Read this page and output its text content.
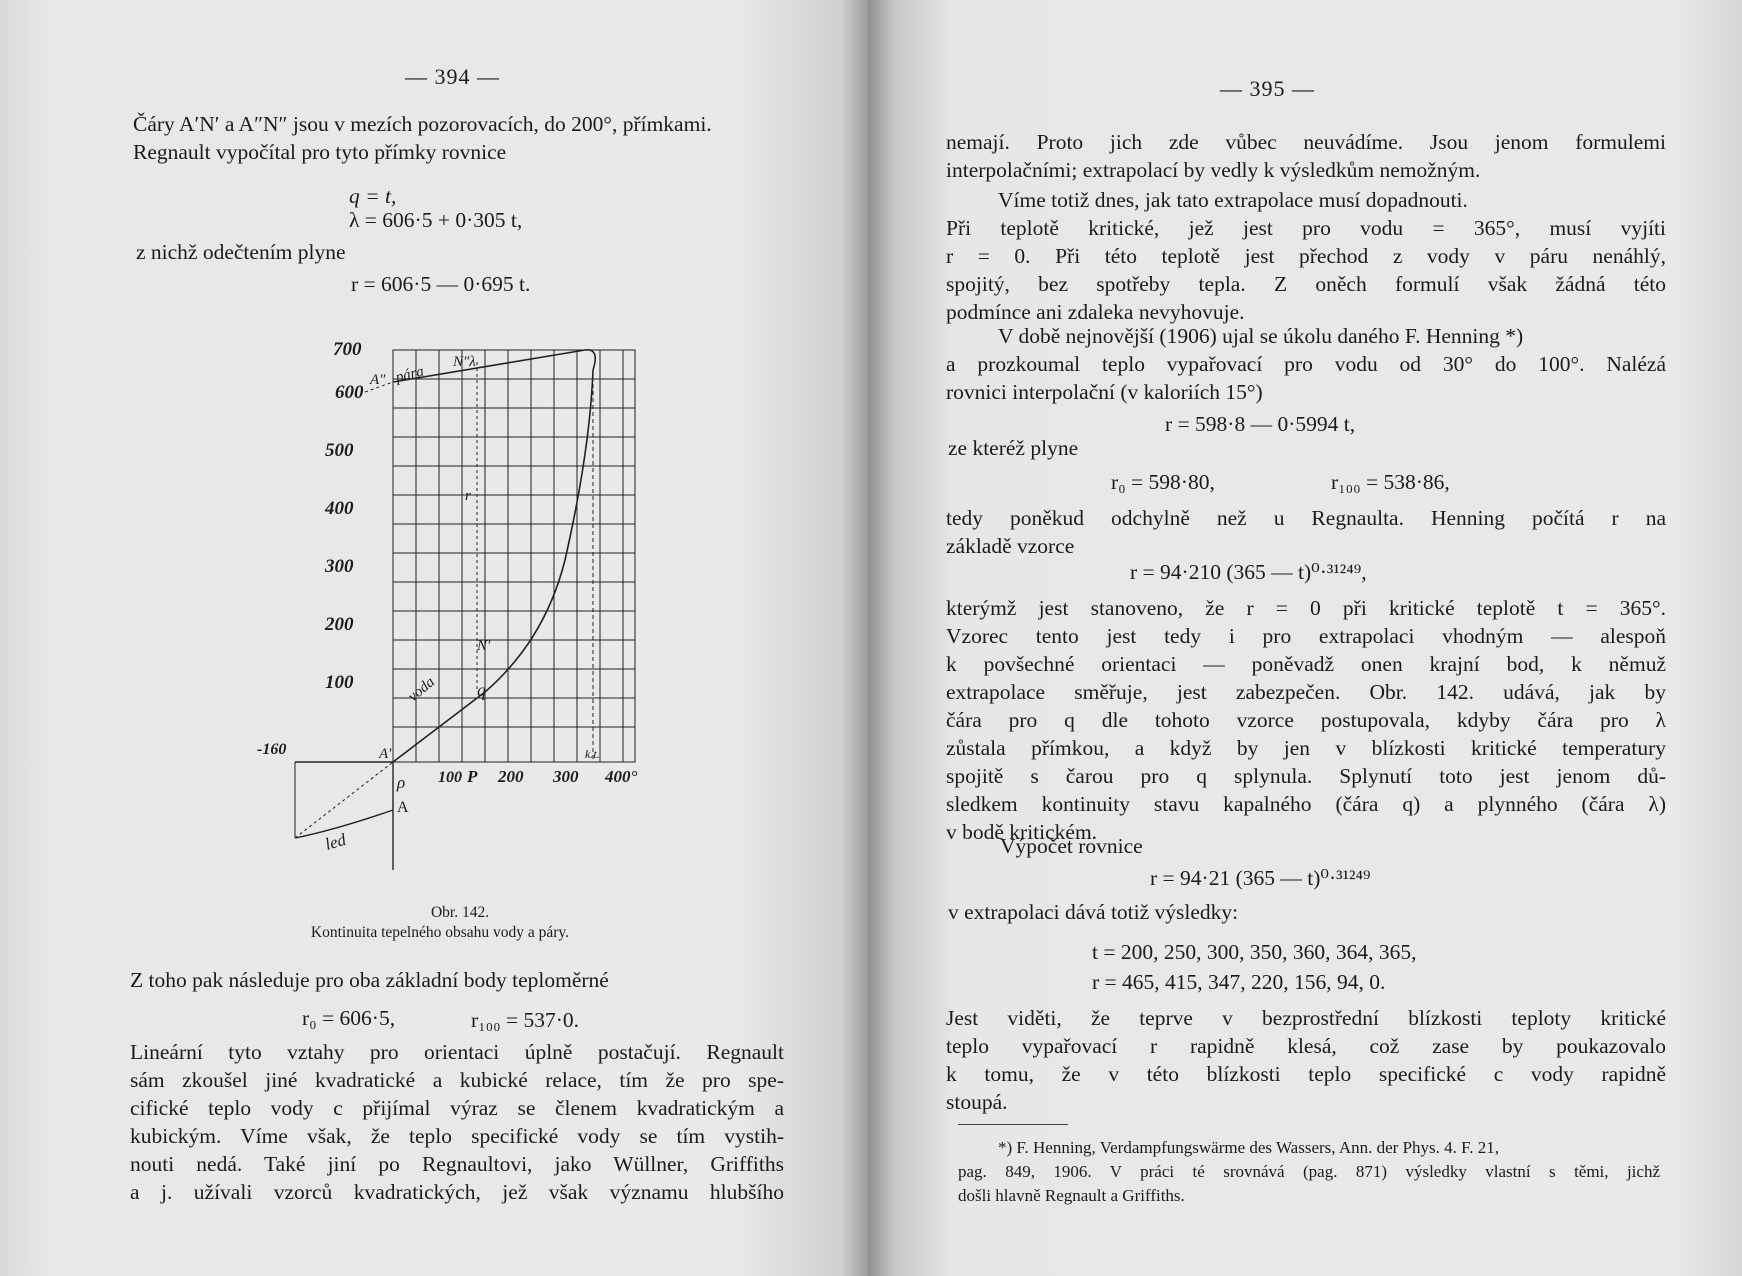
— 394 —
Čáry A′N′ a A″N″ jsou v mezích pozorovacích, do 200°, přímkami.
Regnault vypočítal pro tyto přímky rovnice
q = t,
λ = 606·5 + 0·305 t,
z nichž odečtením plyne
r = 606·5 — 0·695 t.
700
600
500
400
300
200
100
-160
100 P 200 300 400°
pára
N″λ
A″
r
N′
q
voda
A′	k.t.
ρ
A
led
Obr. 142.
Kontinuita tepelného obsahu vody a páry.
Z toho pak následuje pro oba základní body teploměrné
r₀ = 606·5,	r₁₀₀ = 537·0.
Lineární tyto vztahy pro orientaci úplně postačují. Regnault
sám zkoušel jiné kvadratické a kubické relace, tím že pro spe-
cifické teplo vody c přijímal výraz se členem kvadratickým a
kubickým. Víme však, že teplo specifické vody se tím vystih-
nouti nedá. Také jiní po Regnaultovi, jako Wüllner, Griffiths
a j. užívali vzorců kvadratických, jež však významu hlubšího
— 395 —
nemají. Proto jich zde vůbec neuvádíme. Jsou jenom formulemi
interpolačními; extrapolací by vedly k výsledkům nemožným.
Víme totiž dnes, jak tato extrapolace musí dopadnouti.
Při teplotě kritické, jež jest pro vodu = 365°, musí vyjíti
r = 0. Při této teplotě jest přechod z vody v páru nenáhlý,
spojitý, bez spotřeby tepla. Z oněch formulí však žádná této
podmínce ani zdaleka nevyhovuje.
V době nejnovější (1906) ujal se úkolu daného F. Henning *)
a prozkoumal teplo vypařovací pro vodu od 30° do 100°. Nalézá
rovnici interpolační (v kaloriích 15°)
r = 598·8 — 0·5994 t,
ze kteréž plyne
r₀ = 598·80,	r₁₀₀ = 538·86,
tedy poněkud odchylně než u Regnaulta. Henning počítá r na
základě vzorce
r = 94·210 (365 — t)⁰·³¹²⁴⁹,
kterýmž jest stanoveno, že r = 0 při kritické teplotě t = 365°.
Vzorec tento jest tedy i pro extrapolaci vhodným — alespoň
k povšechné orientaci — poněvadž onen krajní bod, k němuž
extrapolace směřuje, jest zabezpečen. Obr. 142. udává, jak by
čára pro q dle tohoto vzorce postupovala, kdyby čára pro λ
zůstala přímkou, a když by jen v blízkosti kritické temperatury
spojitě s čarou pro q splynula. Splynutí toto jest jenom dů-
sledkem kontinuity stavu kapalného (čára q) a plynného (čára λ)
v bodě kritickém.
Výpočet rovnice
r = 94·21 (365 — t)⁰·³¹²⁴⁹
v extrapolaci dává totiž výsledky:
t = 200, 250, 300, 350, 360, 364, 365,
r = 465, 415, 347, 220, 156, 94, 0.
Jest viděti, že teprve v bezprostřední blízkosti teploty kritické
teplo vypařovací r rapidně klesá, což zase by poukazovalo
k tomu, že v této blízkosti teplo specifické c vody rapidně
stoupá.
*) F. Henning, Verdampfungswärme des Wassers, Ann. der Phys. 4. F. 21,
pag. 849, 1906. V práci té srovnává (pag. 871) výsledky vlastní s těmi, jichž
došli hlavně Regnault a Griffiths.
